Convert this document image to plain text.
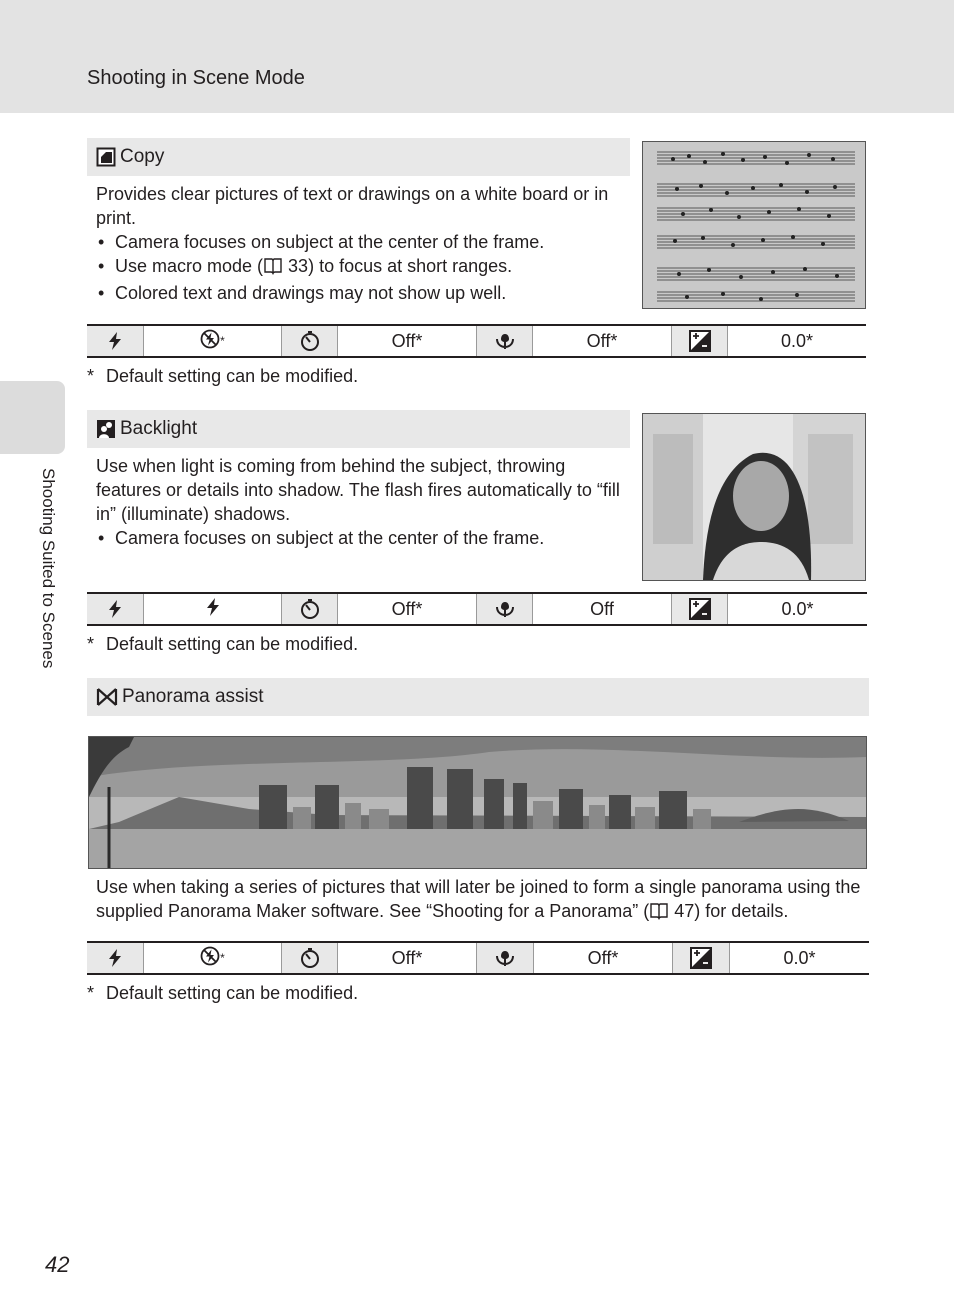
Shooting in Scene Mode
Shooting Suited to Scenes
Copy

Provides clear pictures of text or drawings on a white board or in print.

• Camera focuses on subject at the center of the frame.
• Use macro mode ( 33) to focus at short ranges.
• Colored text and drawings may not show up well.
*	Off*	Off*	0.0*
* Default setting can be modified.
Backlight

Use when light is coming from behind the subject, throwing features or details into shadow. The flash fires automatically to “fill in” (illuminate) shadows.

• Camera focuses on subject at the center of the frame.
Off*	Off	0.0*
* Default setting can be modified.
Panorama assist

Use when taking a series of pictures that will later be joined to form a single panorama using the supplied Panorama Maker software. See “Shooting for a Panorama” ( 47) for details.

*	Off*	Off*	0.0*
* Default setting can be modified.
42
